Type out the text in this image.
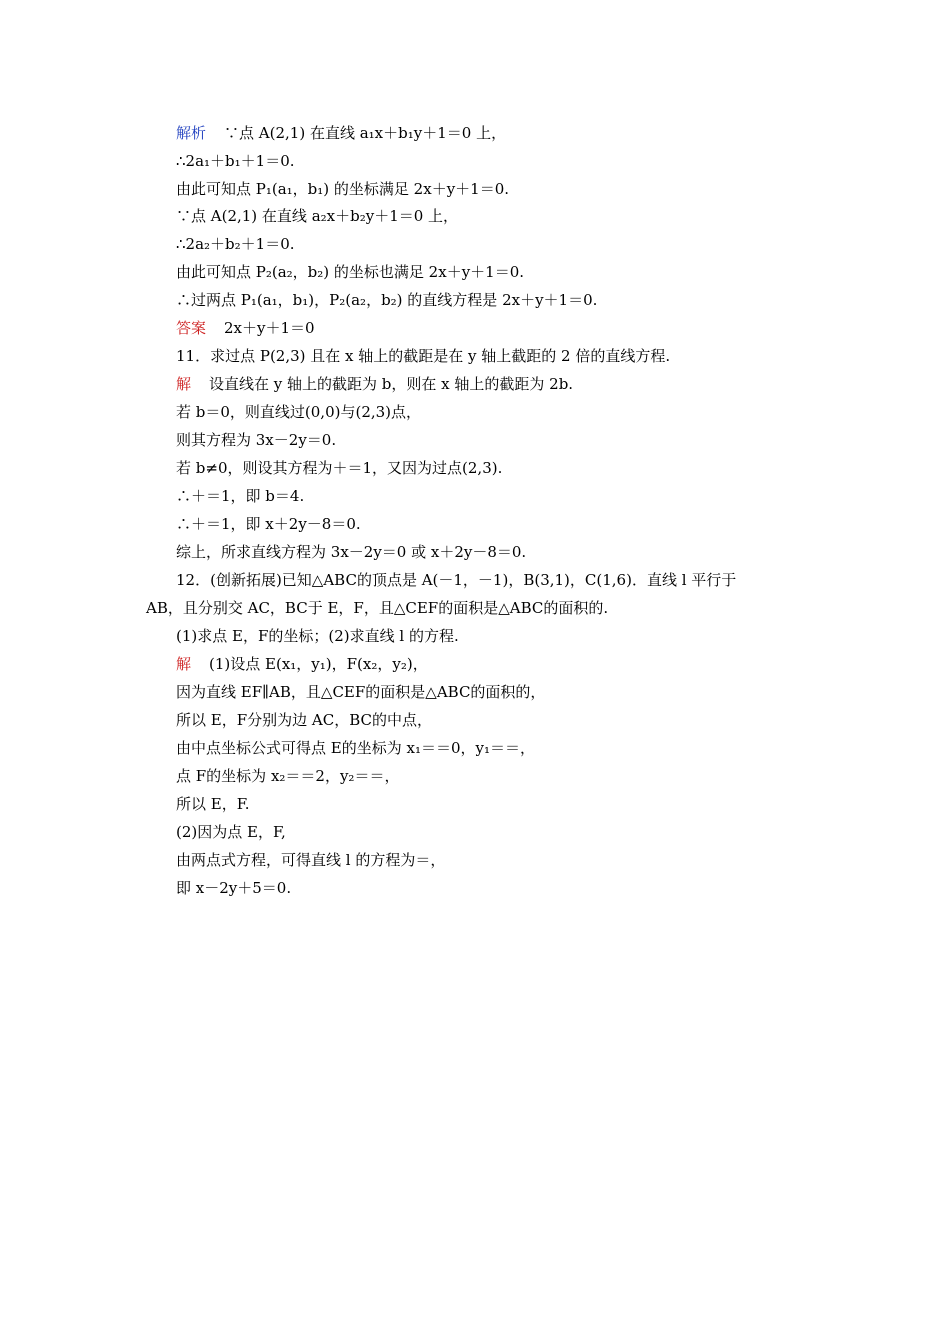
解析 ∵点 A(2,1) 在直线 a₁x＋b₁y＋1＝0 上，
∴2a₁＋b₁＋1＝0.
由此可知点 P₁(a₁，b₁) 的坐标满足 2x＋y＋1＝0.
∵点 A(2,1) 在直线 a₂x＋b₂y＋1＝0 上，
∴2a₂＋b₂＋1＝0.
由此可知点 P₂(a₂，b₂) 的坐标也满足 2x＋y＋1＝0.
∴过两点 P₁(a₁，b₁)，P₂(a₂，b₂) 的直线方程是 2x＋y＋1＝0.
答案 2x＋y＋1＝0
11．求过点 P(2,3) 且在 x 轴上的截距是在 y 轴上截距的 2 倍的直线方程.
解 设直线在 y 轴上的截距为 b，则在 x 轴上的截距为 2b.
若 b＝0，则直线过(0,0)与(2,3)点，
则其方程为 3x－2y＝0.
若 b≠0，则设其方程为＋＝1，又因为过点(2,3).
∴＋＝1，即 b＝4.
∴＋＝1，即 x＋2y－8＝0.
综上，所求直线方程为 3x－2y＝0 或 x＋2y－8＝0.
12．(创新拓展)已知△ABC的顶点是 A(－1，－1)，B(3,1)，C(1,6)．直线 l 平行于
AB，且分别交 AC，BC于 E，F，且△CEF的面积是△ABC的面积的.
(1)求点 E，F的坐标；(2)求直线 l 的方程.
解 (1)设点 E(x₁，y₁)，F(x₂，y₂)，
因为直线 EF∥AB，且△CEF的面积是△ABC的面积的，
所以 E，F分别为边 AC，BC的中点，
由中点坐标公式可得点 E的坐标为 x₁＝＝0，y₁＝＝，
点 F的坐标为 x₂＝＝2，y₂＝＝，
所以 E，F.
(2)因为点 E，F,
由两点式方程，可得直线 l 的方程为＝，
即 x－2y＋5＝0.
